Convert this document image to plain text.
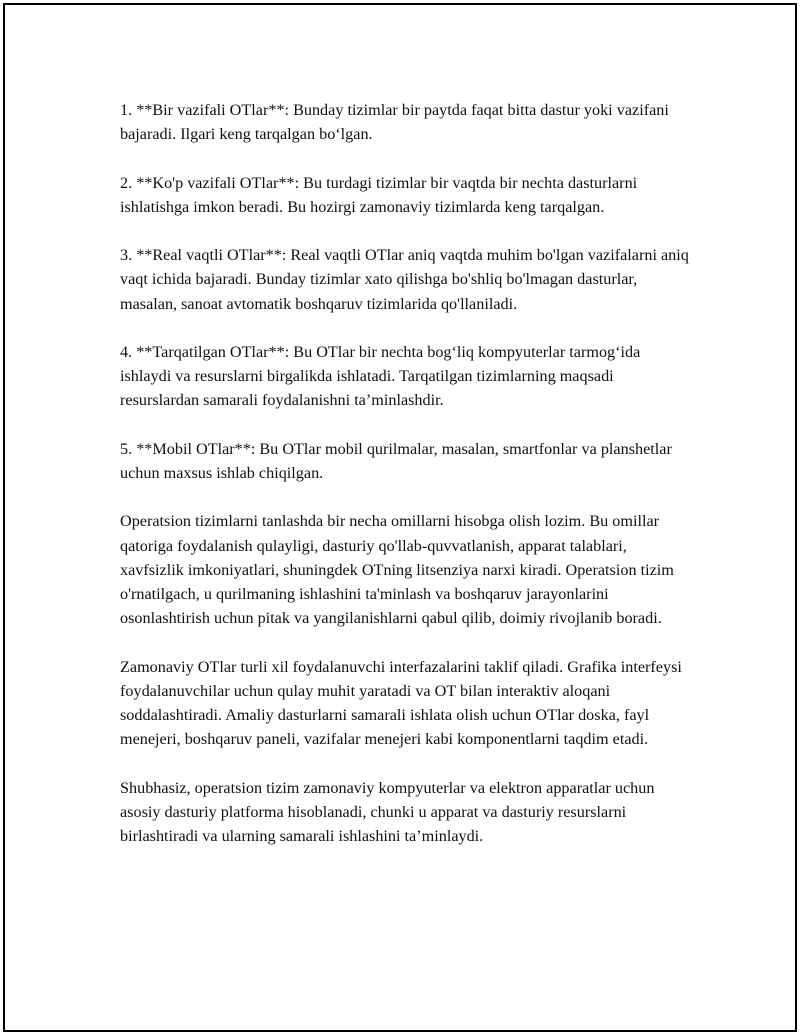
1. **Bir vazifali OTlar**: Bunday tizimlar bir paytda faqat bitta dastur yoki vazifani bajaradi. Ilgari keng tarqalgan bo‘lgan.

2. **Ko'p vazifali OTlar**: Bu turdagi tizimlar bir vaqtda bir nechta dasturlarni ishlatishga imkon beradi. Bu hozirgi zamonaviy tizimlarda keng tarqalgan.

3. **Real vaqtli OTlar**: Real vaqtli OTlar aniq vaqtda muhim bo'lgan vazifalarni aniq vaqt ichida bajaradi. Bunday tizimlar xato qilishga bo'shliq bo'lmagan dasturlar, masalan, sanoat avtomatik boshqaruv tizimlarida qo'llaniladi.

4. **Tarqatilgan OTlar**: Bu OTlar bir nechta bog‘liq kompyuterlar tarmog‘ida ishlaydi va resurslarni birgalikda ishlatadi. Tarqatilgan tizimlarning maqsadi resurslardan samarali foydalanishni ta’minlashdir.

5. **Mobil OTlar**: Bu OTlar mobil qurilmalar, masalan, smartfonlar va planshetlar uchun maxsus ishlab chiqilgan.

Operatsion tizimlarni tanlashda bir necha omillarni hisobga olish lozim. Bu omillar qatoriga foydalanish qulayligi, dasturiy qo'llab-quvvatlanish, apparat talablari, xavfsizlik imkoniyatlari, shuningdek OTning litsenziya narxi kiradi. Operatsion tizim o'rnatilgach, u qurilmaning ishlashini ta'minlash va boshqaruv jarayonlarini osonlashtirish uchun pitak va yangilanishlarni qabul qilib, doimiy rivojlanib boradi.

Zamonaviy OTlar turli xil foydalanuvchi interfazalarini taklif qiladi. Grafika interfeysi foydalanuvchilar uchun qulay muhit yaratadi va OT bilan interaktiv aloqani soddalashtiradi. Amaliy dasturlarni samarali ishlata olish uchun OTlar doska, fayl menejeri, boshqaruv paneli, vazifalar menejeri kabi komponentlarni taqdim etadi.

Shubhasiz, operatsion tizim zamonaviy kompyuterlar va elektron apparatlar uchun asosiy dasturiy platforma hisoblanadi, chunki u apparat va dasturiy resurslarni birlashtiradi va ularning samarali ishlashini ta’minlaydi.
